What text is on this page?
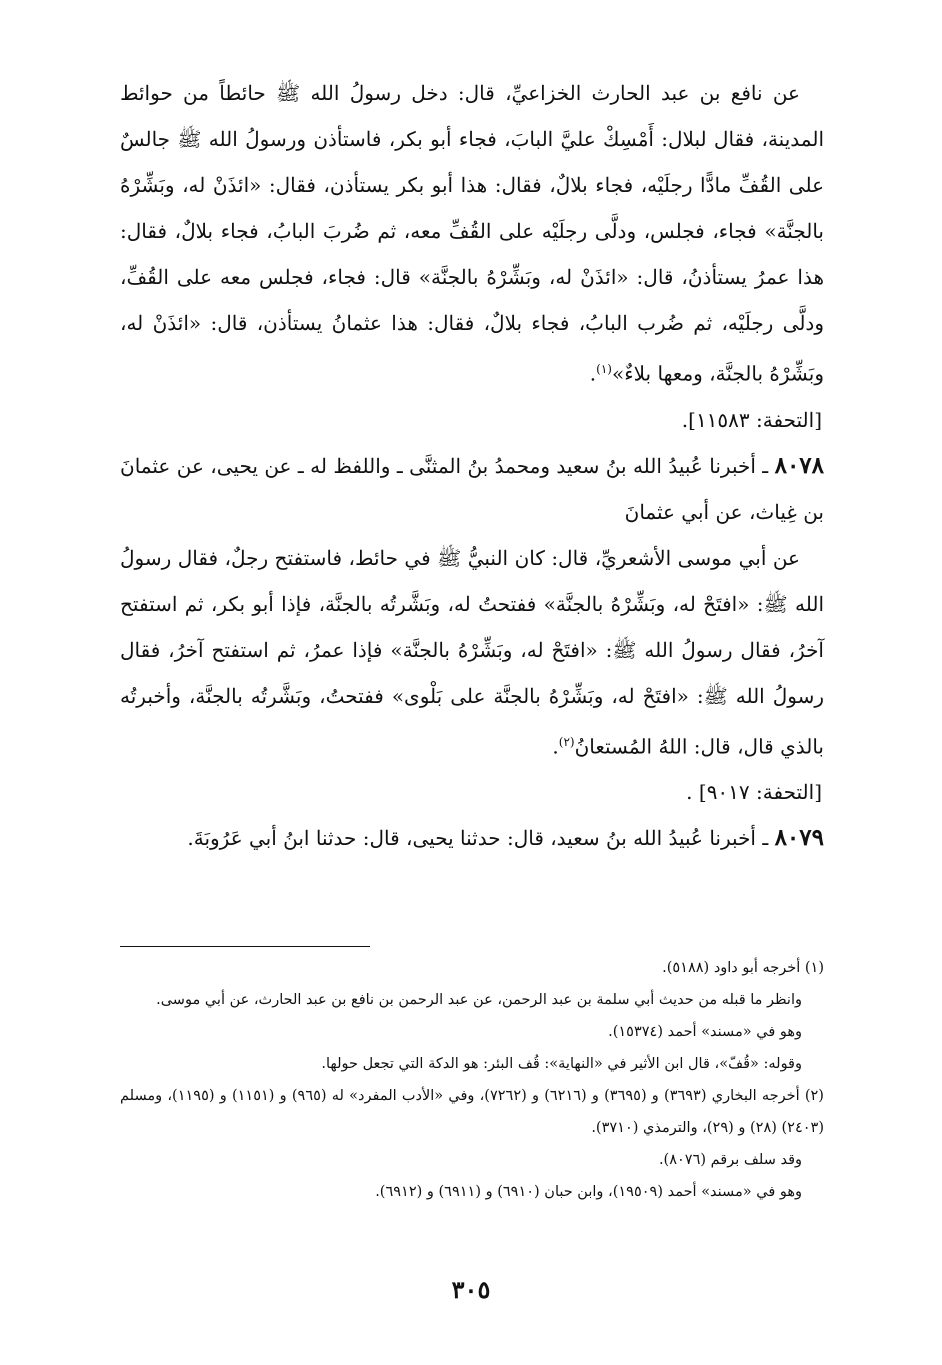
عن نافع بن عبد الحارث الخزاعيِّ، قال: دخل رسولُ الله ﷺ حائطاً من حوائط المدينة، فقال لبلال: أَمْسِكْ عليَّ البابَ، فجاء أبو بكر، فاستأذن ورسولُ الله ﷺ جالسٌ على القُفِّ مادًّا رجلَيْه، فجاء بلالٌ، فقال: هذا أبو بكر يستأذن، فقال: «ائذَنْ له، وبَشِّرْهُ بالجنَّة» فجاء، فجلس، ودلَّى رجلَيْه على القُفِّ معه، ثم ضُربَ البابُ، فجاء بلالٌ، فقال: هذا عمرُ يستأذنُ، قال: «ائذَنْ له، وبَشِّرْهُ بالجنَّة» قال: فجاء، فجلس معه على القُفِّ، ودلَّى رجلَيْه، ثم ضُرب البابُ، فجاء بلالٌ، فقال: هذا عثمانُ يستأذن، قال: «ائذَنْ له، وبَشِّرْهُ بالجنَّة، ومعها بلاءٌ»$^{(١)}$.

[التحفة: ١١٥٨٣].

٨٠٧٨ ـ أخبرنا عُبيدُ الله بنُ سعيد ومحمدُ بنُ المثنَّى ـ واللفظ له ـ عن يحيى، عن عثمانَ بن غِياث، عن أبي عثمانَ

عن أبي موسى الأشعريِّ، قال: كان النبيُّ ﷺ في حائط، فاستفتح رجلٌ، فقال رسولُ الله ﷺ: «افتَحْ له، وبَشِّرْهُ بالجنَّة» ففتحتُ له، وبَشَّرتُه بالجنَّة، فإذا أبو بكر، ثم استفتح آخرُ، فقال رسولُ الله ﷺ: «افتَحْ له، وبَشِّرْهُ بالجنَّة» فإذا عمرُ، ثم استفتح آخرُ، فقال رسولُ الله ﷺ: «افتَحْ له، وبَشِّرْهُ بالجنَّة على بَلْوى» ففتحتُ، وبَشَّرتُه بالجنَّة، وأخبرتُه بالذي قال، قال: اللهُ المُستعانُ$^{(٢)}$.

[التحفة: ٩٠١٧] .

٨٠٧٩ ـ أخبرنا عُبيدُ الله بنُ سعيد، قال: حدثنا يحيى، قال: حدثنا ابنُ أبي عَرُوبَةَ.

(١) أخرجه أبو داود (٥١٨٨).

وانظر ما قبله من حديث أبي سلمة بن عبد الرحمن، عن عبد الرحمن بن نافع بن عبد الحارث، عن أبي موسى.

وهو في «مسند» أحمد (١٥٣٧٤).

وقوله: «قُفّ»، قال ابن الأثير في «النهاية»: قُف البئر: هو الدكة التي تجعل حولها.

(٢) أخرجه البخاري (٣٦٩٣) و (٣٦٩٥) و (٦٢١٦) و (٧٢٦٢)، وفي «الأدب المفرد» له (٩٦٥) و (١١٥١) و (١١٩٥)، ومسلم (٢٤٠٣) (٢٨) و (٢٩)، والترمذي (٣٧١٠).

وقد سلف برقم (٨٠٧٦).

وهو في «مسند» أحمد (١٩٥٠٩)، وابن حبان (٦٩١٠) و (٦٩١١) و (٦٩١٢).

٣٠٥
